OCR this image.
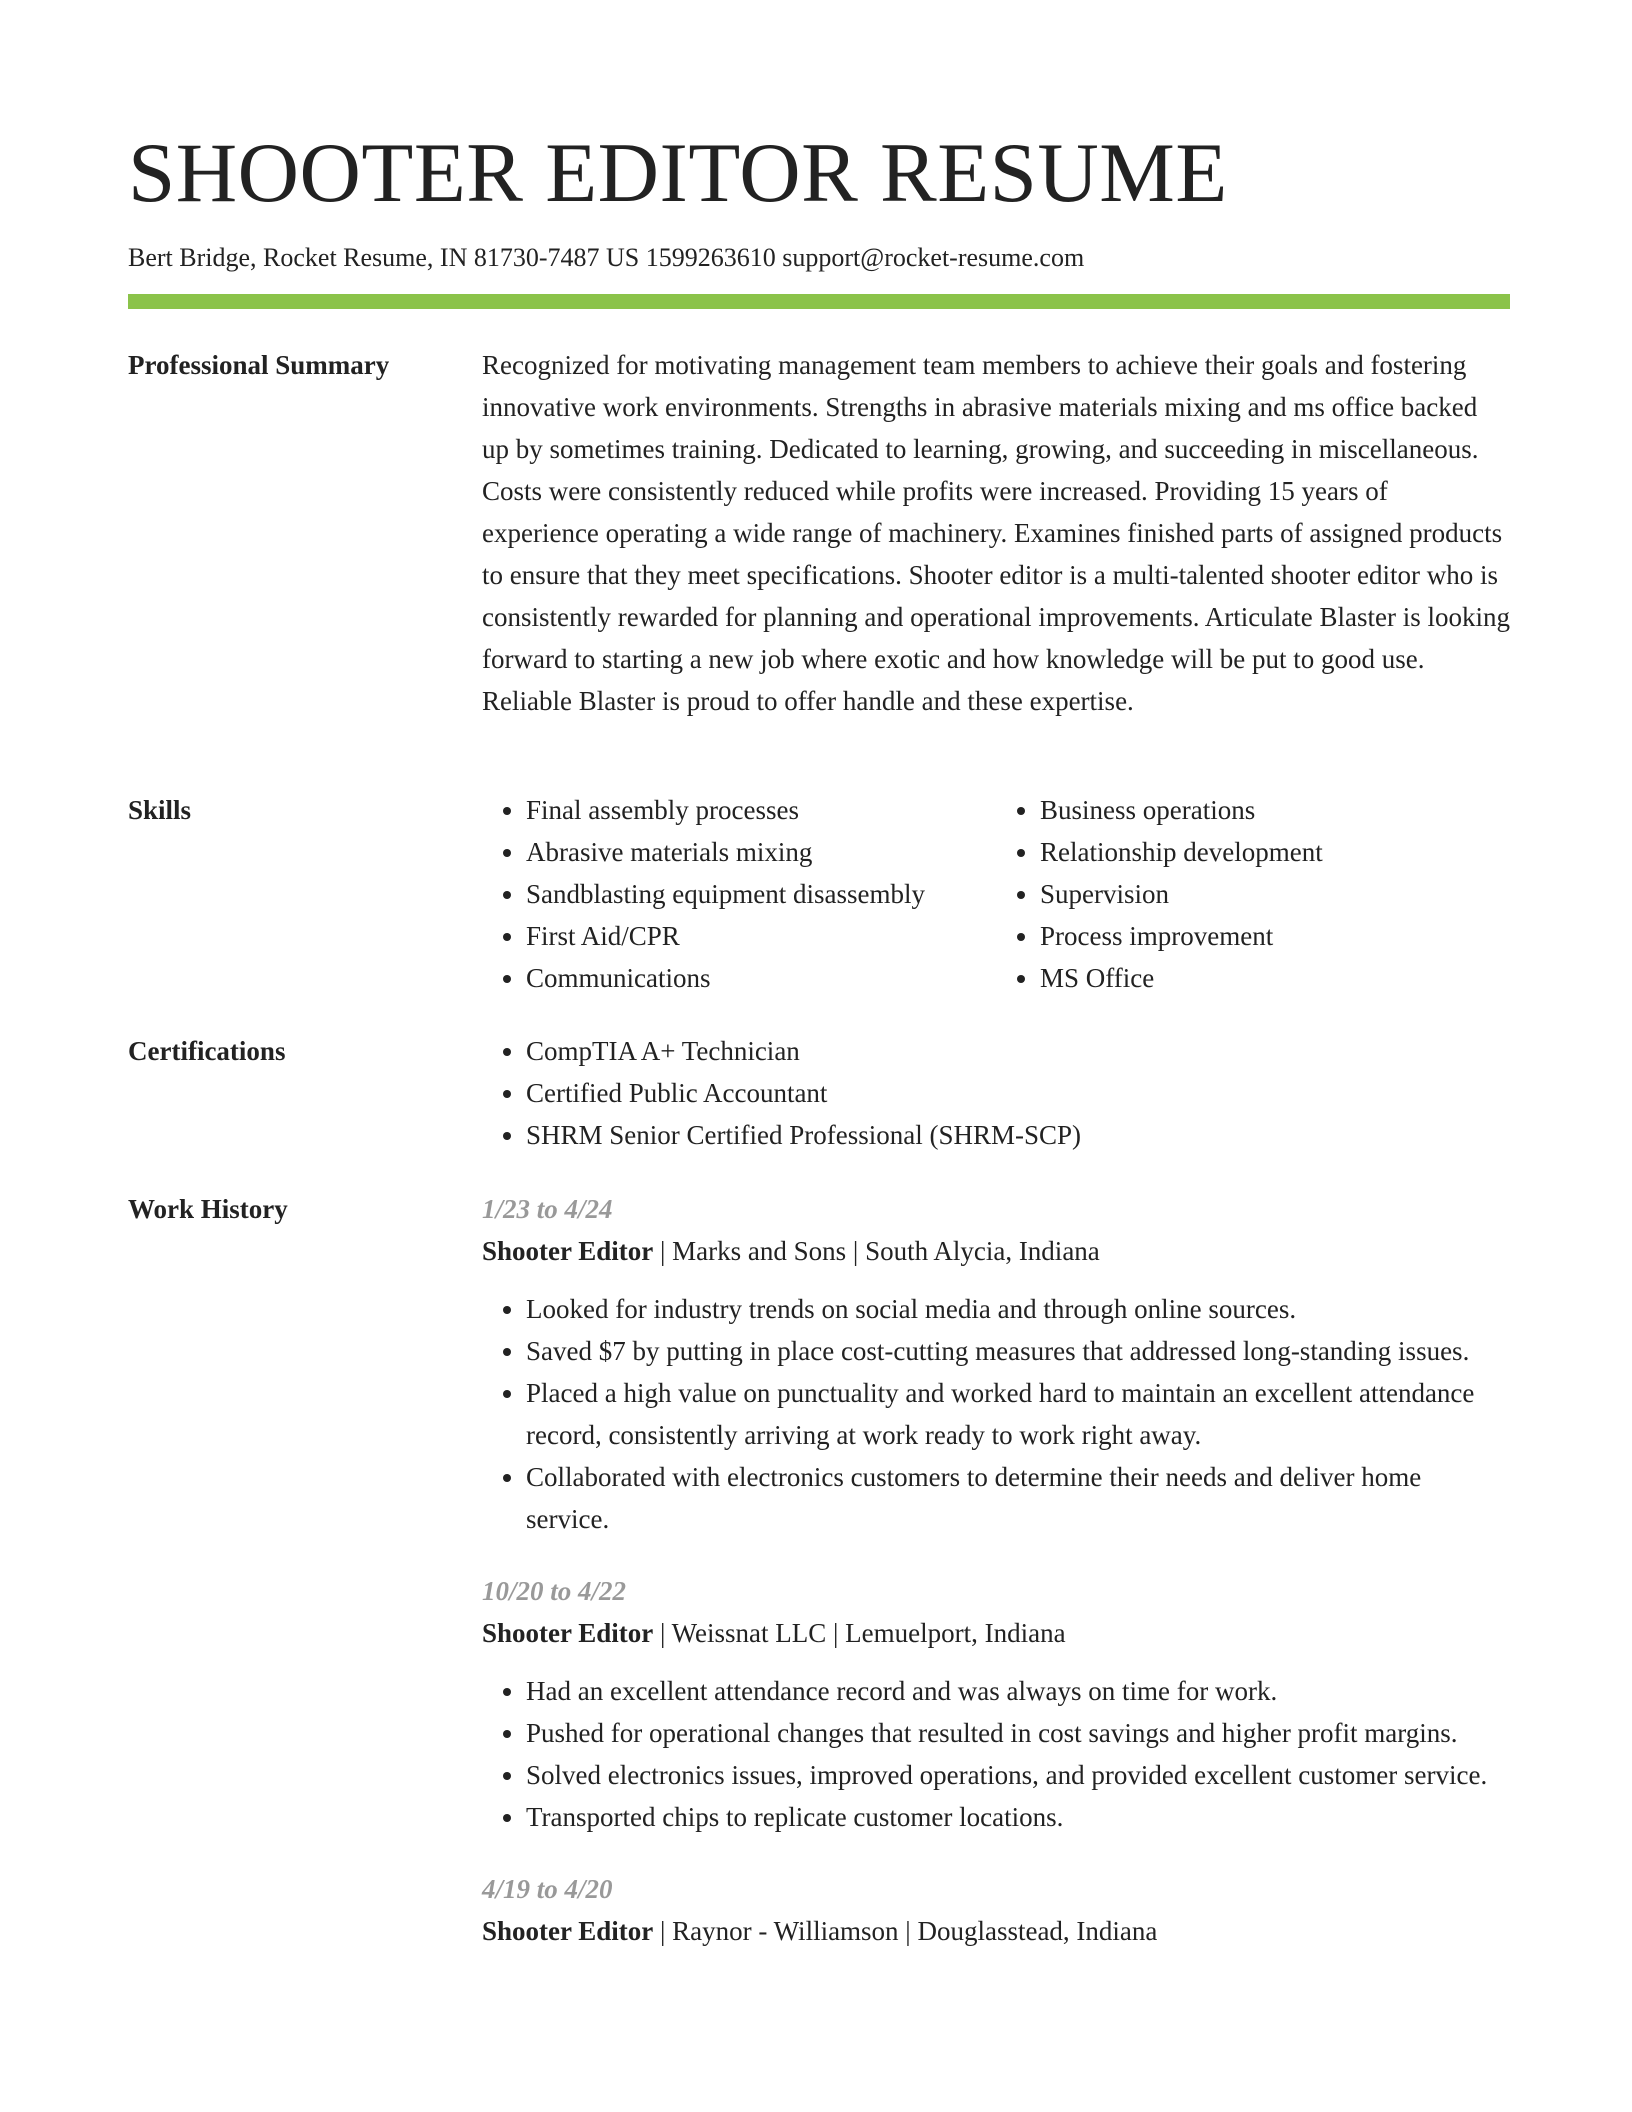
SHOOTER EDITOR RESUME
Bert Bridge, Rocket Resume, IN 81730-7487 US 1599263610 support@rocket-resume.com
Professional Summary	Recognized for motivating management team members to achieve their goals and fostering innovative work environments. Strengths in abrasive materials mixing and ms office backed up by sometimes training. Dedicated to learning, growing, and succeeding in miscellaneous. Costs were consistently reduced while profits were increased. Providing 15 years of experience operating a wide range of machinery. Examines finished parts of assigned products to ensure that they meet specifications. Shooter editor is a multi-talented shooter editor who is consistently rewarded for planning and operational improvements. Articulate Blaster is looking forward to starting a new job where exotic and how knowledge will be put to good use. Reliable Blaster is proud to offer handle and these expertise.
Skills	• Final assembly processes
• Abrasive materials mixing
• Sandblasting equipment disassembly
• First Aid/CPR
• Communications
• Business operations
• Relationship development
• Supervision
• Process improvement
• MS Office
Certifications	• CompTIA A+ Technician
• Certified Public Accountant
• SHRM Senior Certified Professional (SHRM-SCP)
Work History	1/23 to 4/24
Shooter Editor | Marks and Sons | South Alycia, Indiana
• Looked for industry trends on social media and through online sources.
• Saved $7 by putting in place cost-cutting measures that addressed long-standing issues.
• Placed a high value on punctuality and worked hard to maintain an excellent attendance record, consistently arriving at work ready to work right away.
• Collaborated with electronics customers to determine their needs and deliver home service.
10/20 to 4/22
Shooter Editor | Weissnat LLC | Lemuelport, Indiana
• Had an excellent attendance record and was always on time for work.
• Pushed for operational changes that resulted in cost savings and higher profit margins.
• Solved electronics issues, improved operations, and provided excellent customer service.
• Transported chips to replicate customer locations.
4/19 to 4/20
Shooter Editor | Raynor - Williamson | Douglasstead, Indiana
